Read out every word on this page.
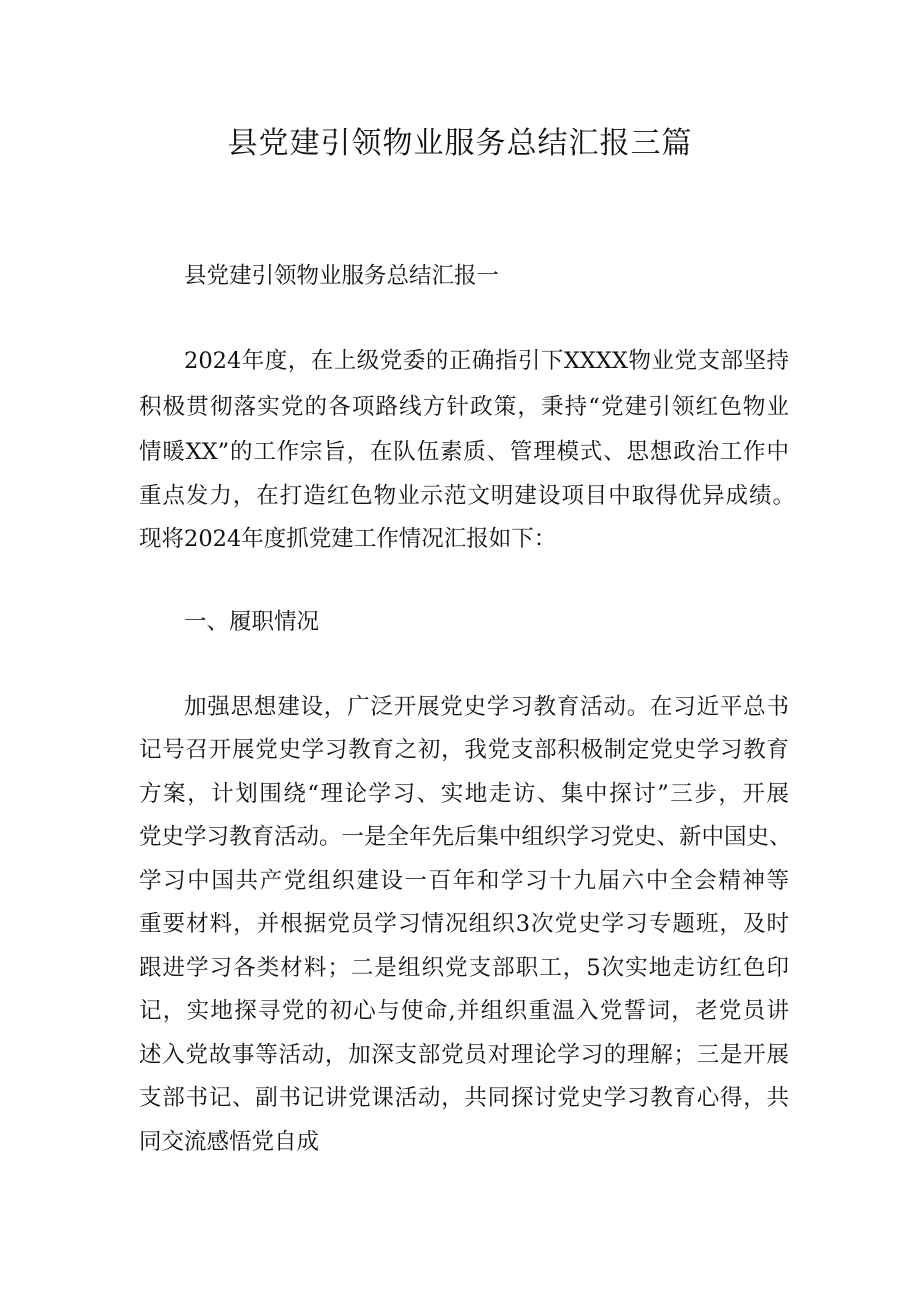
县党建引领物业服务总结汇报三篇

县党建引领物业服务总结汇报一

2024年度，在上级党委的正确指引下XXXX物业党支部坚持

积极贯彻落实党的各项路线方针政策，秉持“党建引领红色物业

情暖XX”的工作宗旨，在队伍素质、管理模式、思想政治工作中

重点发力，在打造红色物业示范文明建设项目中取得优异成绩。

现将2024年度抓党建工作情况汇报如下：

一、履职情况

加强思想建设，广泛开展党史学习教育活动。在习近平总书

记号召开展党史学习教育之初，我党支部积极制定党史学习教育

方案，计划围绕“理论学习、实地走访、集中探讨”三步，开展

党史学习教育活动。一是全年先后集中组织学习党史、新中国史、

学习中国共产党组织建设一百年和学习十九届六中全会精神等

重要材料，并根据党员学习情况组织3次党史学习专题班，及时

跟进学习各类材料；二是组织党支部职工，5次实地走访红色印

记，实地探寻党的初心与使命,并组织重温入党誓词，老党员讲

述入党故事等活动，加深支部党员对理论学习的理解；三是开展

支部书记、副书记讲党课活动，共同探讨党史学习教育心得，共

同交流感悟党自成
